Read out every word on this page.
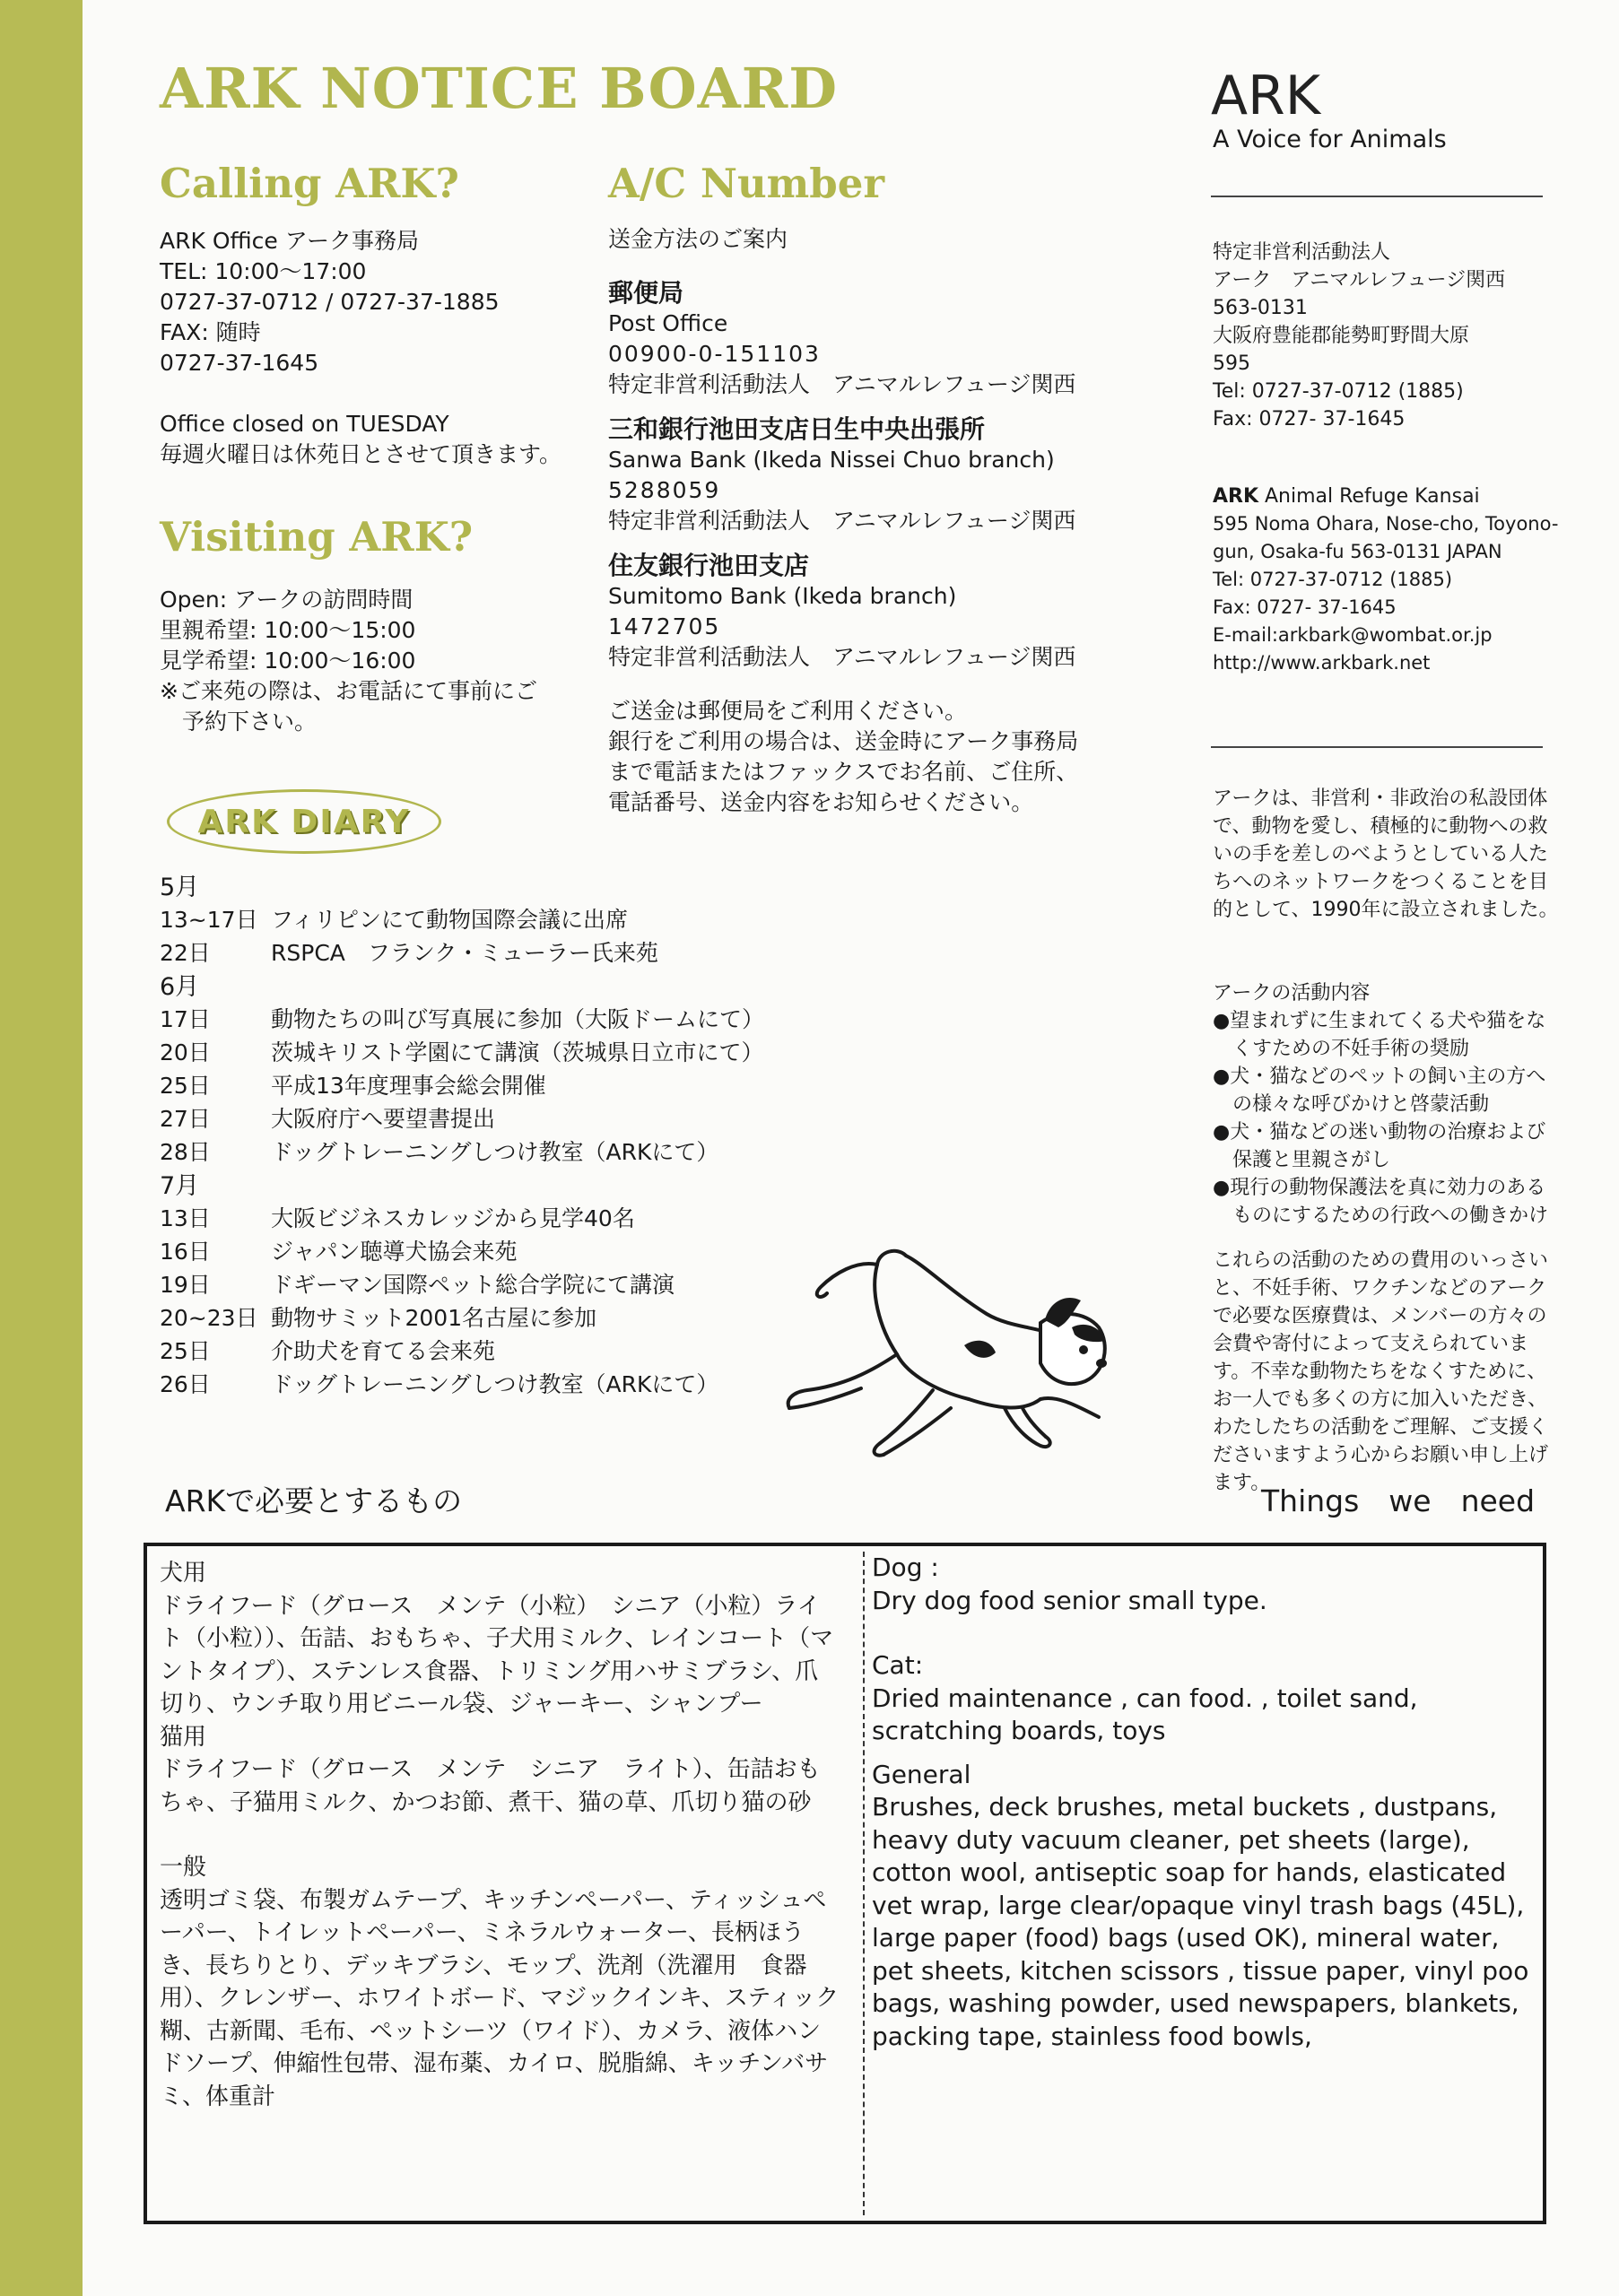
ARK NOTICE BOARD
Calling ARK?

ARK Office アーク事務局

TEL: 10:00～17:00

0727-37-0712 / 0727-37-1885

FAX: 随時

0727-37-1645

Office closed on TUESDAY

毎週火曜日は休苑日とさせて頂きます。

Visiting ARK?

Open: アークの訪問時間

里親希望: 10:00～15:00

見学希望: 10:00～16:00

※ご来苑の際は、お電話にて事前にご

　予約下さい。

A/C Number

送金方法のご案内

郵便局

Post Office

00900-0-151103

特定非営利活動法人　アニマルレフュージ関西

三和銀行池田支店日生中央出張所

Sanwa Bank (Ikeda Nissei Chuo branch)

5288059

特定非営利活動法人　アニマルレフュージ関西

住友銀行池田支店

Sumitomo Bank (Ikeda branch)

1472705

特定非営利活動法人　アニマルレフュージ関西

ご送金は郵便局をご利用ください。

銀行をご利用の場合は、送金時にアーク事務局

まで電話またはファックスでお名前、ご住所、

電話番号、送金内容をお知らせください。

ARK DIARY
5月
13~17日 フィリピンにて動物国際会議に出席
22日	RSPCA　フランク・ミューラー氏来苑
6月
17日	動物たちの叫び写真展に参加（大阪ドームにて）
20日	茨城キリスト学園にて講演（茨城県日立市にて）
25日	平成13年度理事会総会開催
27日	大阪府庁へ要望書提出
28日	ドッグトレーニングしつけ教室（ARKにて）
7月
13日	大阪ビジネスカレッジから見学40名
16日	ジャパン聴導犬協会来苑
19日	ドギーマン国際ペット総合学院にて講演
20~23日 動物サミット2001名古屋に参加
25日	介助犬を育てる会来苑
26日	ドッグトレーニングしつけ教室（ARKにて）
ARK
A Voice for Animals

特定非営利活動法人

アーク　アニマルレフュージ関西

563-0131

大阪府豊能郡能勢町野間大原

595

Tel: 0727-37-0712 (1885)

Fax: 0727- 37-1645

ARK Animal Refuge Kansai

595 Noma Ohara, Nose-cho, Toyono-

gun, Osaka-fu 563-0131 JAPAN

Tel: 0727-37-0712 (1885)

Fax: 0727- 37-1645

E-mail:arkbark@wombat.or.jp

http://www.arkbark.net

アークは、非営利・非政治の私設団体

で、動物を愛し、積極的に動物への救

いの手を差しのべようとしている人た

ちへのネットワークをつくることを目

的として、1990年に設立されました。

アークの活動内容

●望まれずに生まれてくる犬や猫をな

　くすための不妊手術の奨励

●犬・猫などのペットの飼い主の方へ

　の様々な呼びかけと啓蒙活動

●犬・猫などの迷い動物の治療および

　保護と里親さがし

●現行の動物保護法を真に効力のある

　ものにするための行政への働きかけ

これらの活動のための費用のいっさい

と、不妊手術、ワクチンなどのアーク

で必要な医療費は、メンバーの方々の

会費や寄付によって支えられていま

す。不幸な動物たちをなくすために、

お一人でも多くの方に加入いただき、

わたしたちの活動をご理解、ご支援く

ださいますよう心からお願い申し上げ

ます。

ARKで必要とするもの	Things　we　need

犬用

ドライフード（グロース　メンテ（小粒）　シニア（小粒）ライト（小粒））、缶詰、おもちゃ、子犬用ミルク、レインコート（マントタイプ）、ステンレス食器、トリミング用ハサミブラシ、爪切り、ウンチ取り用ビニール袋、ジャーキー、シャンプー

猫用

ドライフード（グロース　メンテ　シニア　ライト）、缶詰おもちゃ、子猫用ミルク、かつお節、煮干、猫の草、爪切り猫の砂

一般

透明ゴミ袋、布製ガムテープ、キッチンペーパー、ティッシュペーパー、トイレットペーパー、ミネラルウォーター、長柄ほうき、長ちりとり、デッキブラシ、モップ、洗剤（洗濯用　食器用）、クレンザー、ホワイトボード、マジックインキ、スティック糊、古新聞、毛布、ペットシーツ（ワイド）、カメラ、液体ハンドソープ、伸縮性包帯、湿布薬、カイロ、脱脂綿、キッチンバサミ、体重計

Dog :

Dry dog food senior small type.

Cat:

Dried maintenance , can food. , toilet sand, scratching boards, toys

General

Brushes, deck brushes, metal buckets , dustpans, heavy duty vacuum cleaner, pet sheets (large), cotton wool, antiseptic soap for hands, elasticated vet wrap, large clear/opaque vinyl trash bags (45L), large paper (food) bags (used OK), mineral water, pet sheets, kitchen scissors , tissue paper, vinyl poo bags, washing powder, used newspapers, blankets, packing tape, stainless food bowls,
